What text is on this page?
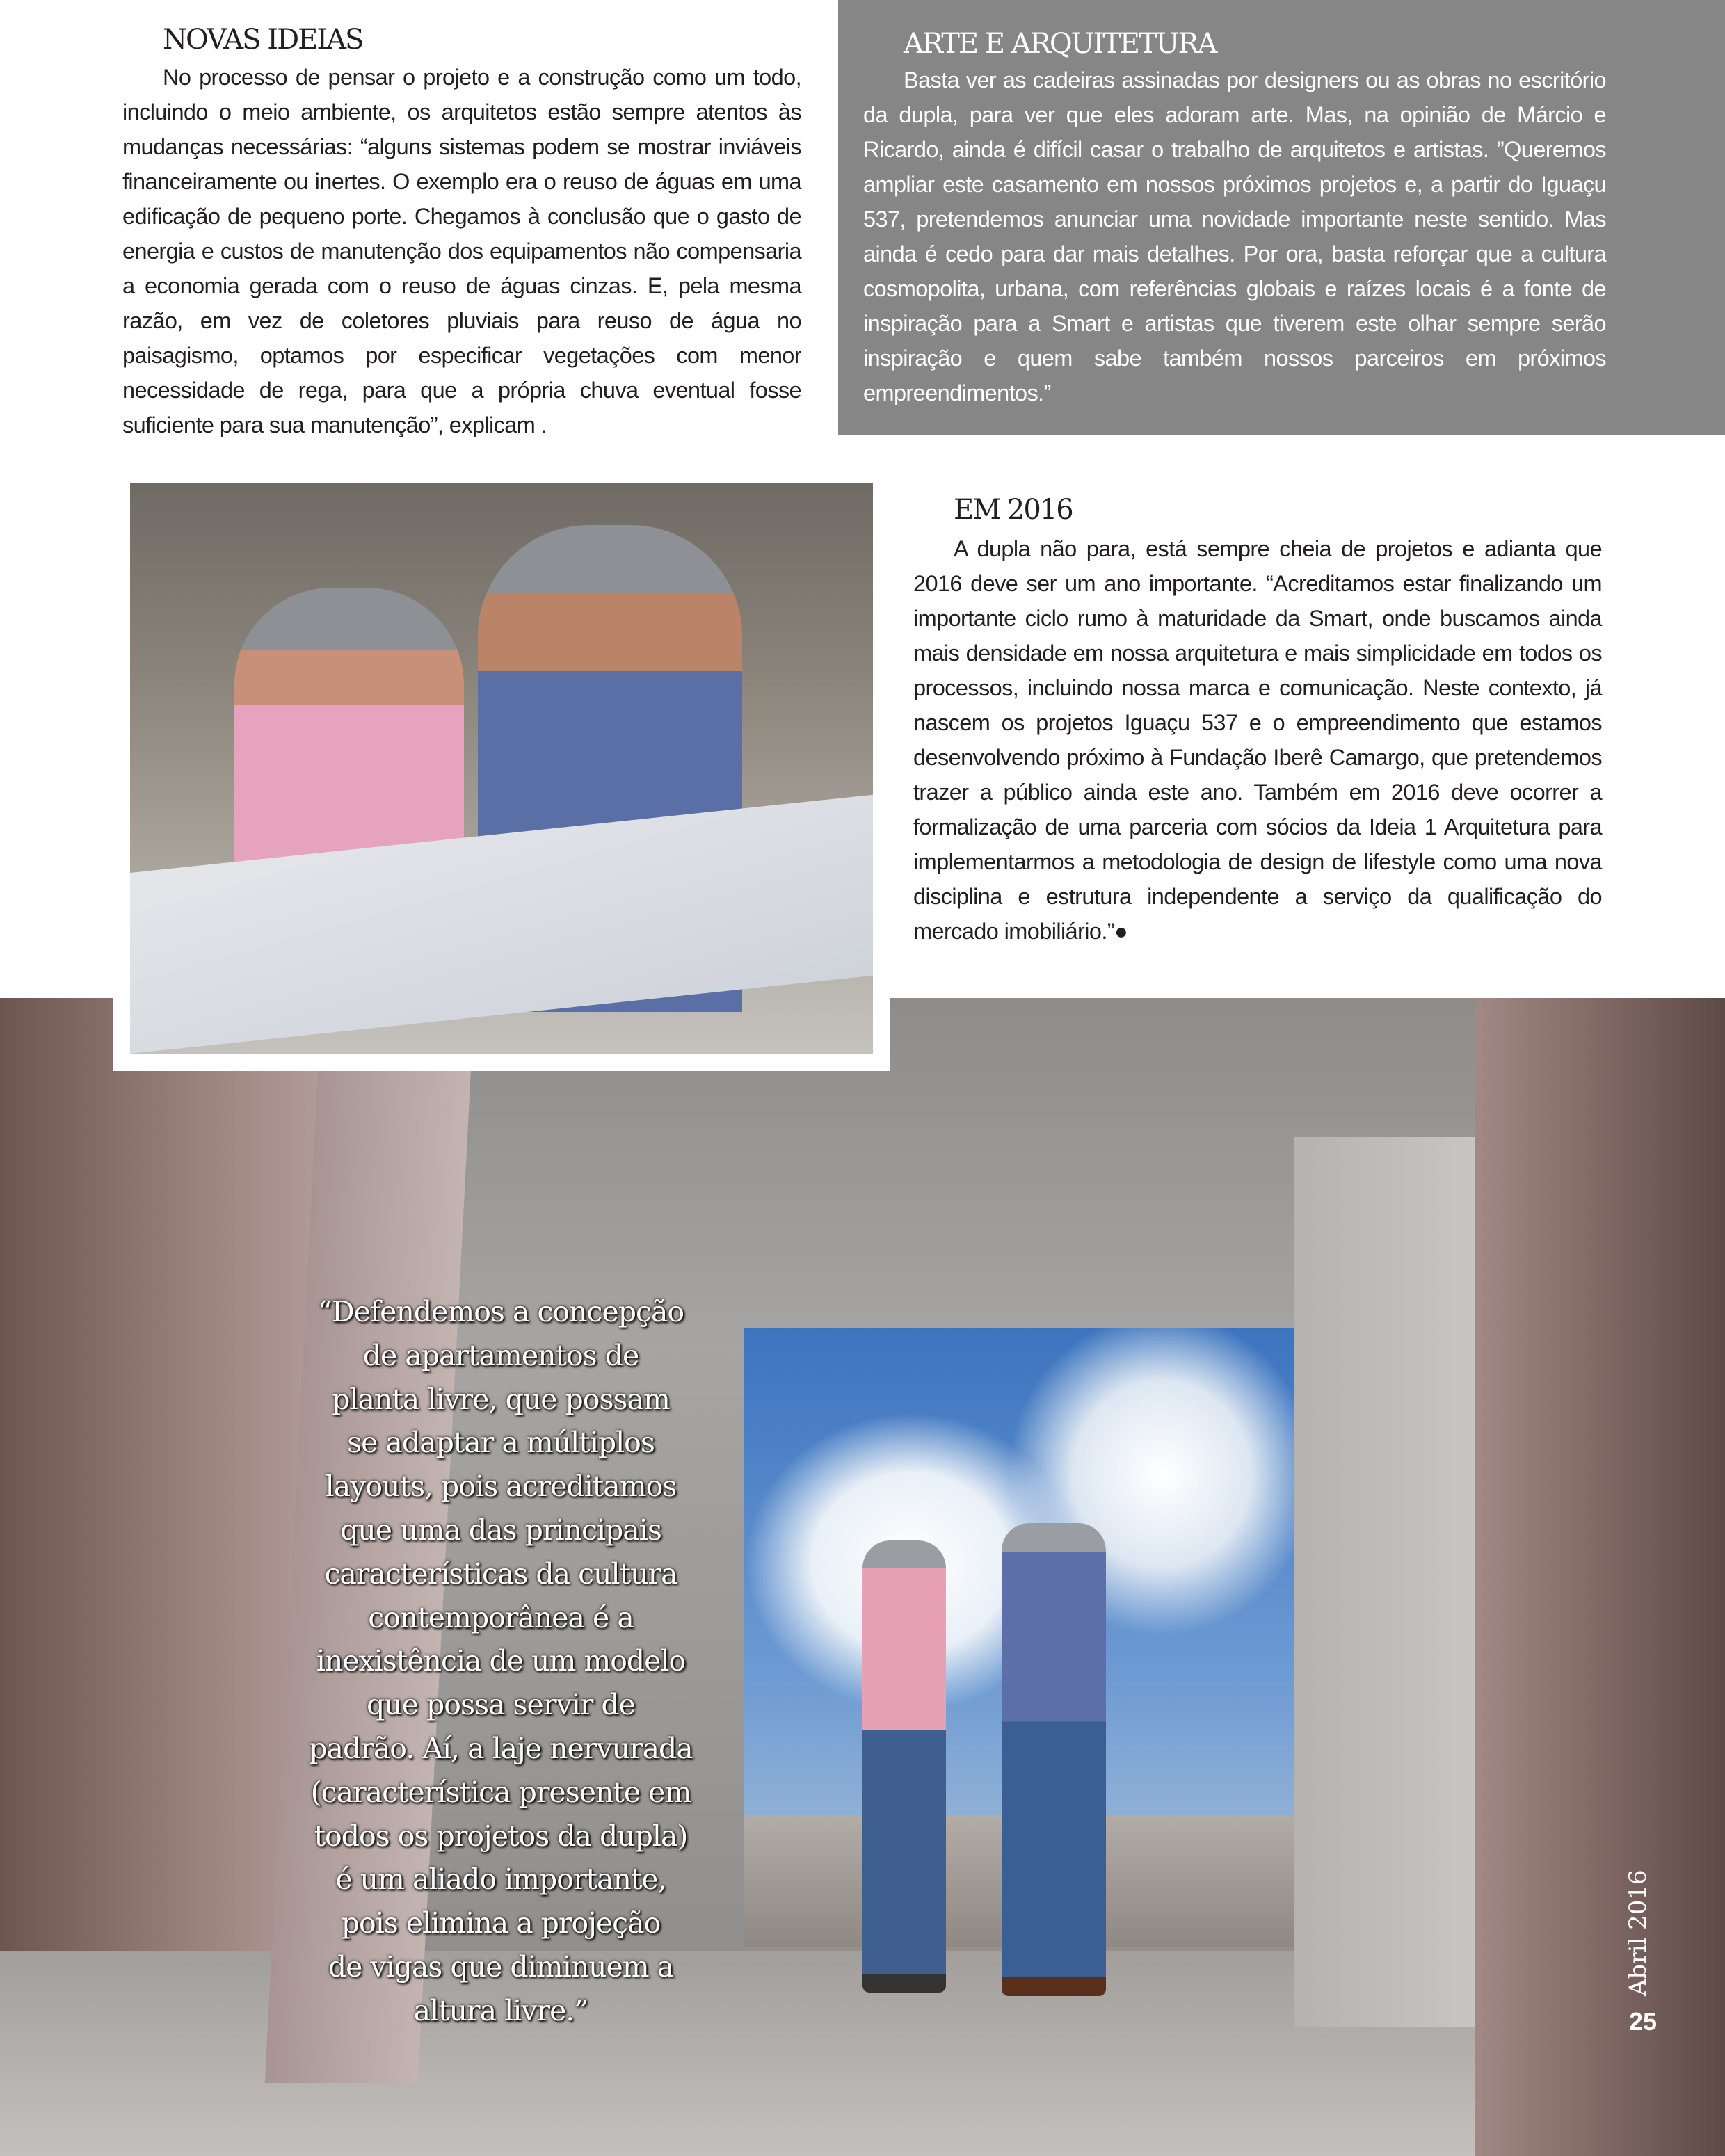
NOVAS IDEIAS

No processo de pensar o projeto e a construção como um todo, incluindo o meio ambiente, os arquitetos estão sempre atentos às mudanças necessárias: “alguns sistemas podem se mostrar inviáveis financeiramente ou inertes. O exemplo era o reuso de águas em uma edificação de pequeno porte. Chegamos à conclusão que o gasto de energia e custos de manutenção dos equipamentos não compensaria a economia gerada com o reuso de águas cinzas. E, pela mesma razão, em vez de coletores pluviais para reuso de água no paisagismo, optamos por especificar vegetações com menor necessidade de rega, para que a própria chuva eventual fosse suficiente para sua manutenção”, explicam .

ARTE E ARQUITETURA

Basta ver as cadeiras assinadas por designers ou as obras no escritório da dupla, para ver que eles adoram arte. Mas, na opinião de Márcio e Ricardo, ainda é difícil casar o trabalho de arquitetos e artistas. ”Queremos ampliar este casamento em nossos próximos projetos e, a partir do Iguaçu 537, pretendemos anunciar uma novidade importante neste sentido. Mas ainda é cedo para dar mais detalhes. Por ora, basta reforçar que a cultura cosmopolita, urbana, com referências globais e raízes locais é a fonte de inspiração para a Smart e artistas que tiverem este olhar sempre serão inspiração e quem sabe também nossos parceiros em próximos empreendimentos.”

EM 2016

A dupla não para, está sempre cheia de projetos e adianta que 2016 deve ser um ano importante. “Acreditamos estar finalizando um importante ciclo rumo à maturidade da Smart, onde buscamos ainda mais densidade em nossa arquitetura e mais simplicidade em todos os processos, incluindo nossa marca e comunicação. Neste contexto, já nascem os projetos Iguaçu 537 e o empreendimento que estamos desenvolvendo próximo à Fundação Iberê Camargo, que pretendemos trazer a público ainda este ano. Também em 2016 deve ocorrer a formalização de uma parceria com sócios da Ideia 1 Arquitetura para implementarmos a metodologia de design de lifestyle como uma nova disciplina e estrutura independente a serviço da qualificação do mercado imobiliário.”●

“Defendemos a concepção
de apartamentos de
planta livre, que possam
se adaptar a múltiplos
layouts, pois acreditamos
que uma das principais
características da cultura
contemporânea é a
inexistência de um modelo
que possa servir de
padrão. Aí, a laje nervurada
(característica presente em
todos os projetos da dupla)
é um aliado importante,
pois elimina a projeção
de vigas que diminuem a
altura livre.”
Abril 2016
25
